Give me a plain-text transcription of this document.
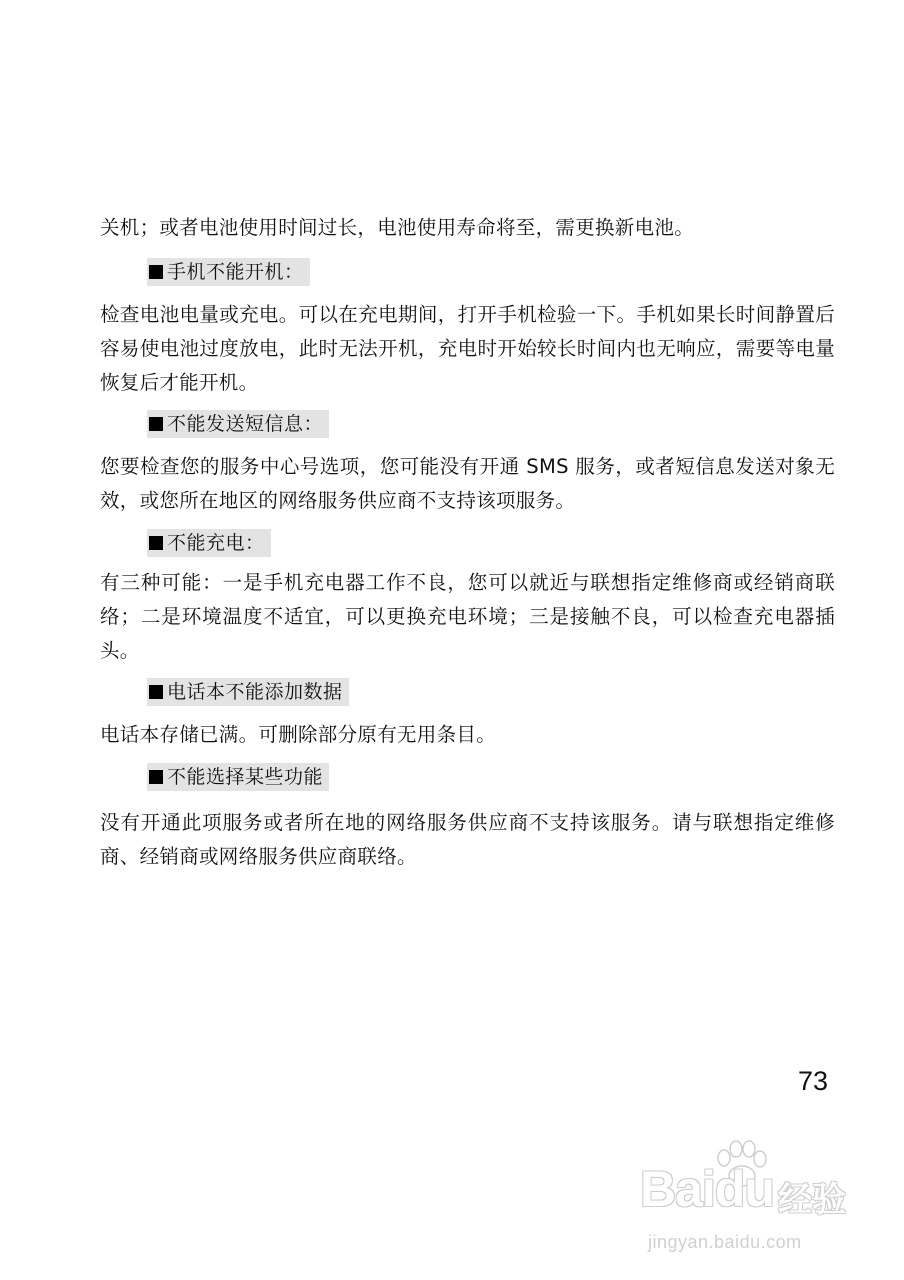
关机；或者电池使用时间过长，电池使用寿命将至，需更换新电池。

手机不能开机：

检查电池电量或充电。可以在充电期间，打开手机检验一下。手机如果长时间静置后容易使电池过度放电，此时无法开机，充电时开始较长时间内也无响应，需要等电量恢复后才能开机。

不能发送短信息：

您要检查您的服务中心号选项，您可能没有开通 SMS 服务，或者短信息发送对象无效，或您所在地区的网络服务供应商不支持该项服务。

不能充电：

有三种可能：一是手机充电器工作不良，您可以就近与联想指定维修商或经销商联络；二是环境温度不适宜，可以更换充电环境；三是接触不良，可以检查充电器插头。

电话本不能添加数据

电话本存储已满。可删除部分原有无用条目。

不能选择某些功能

没有开通此项服务或者所在地的网络服务供应商不支持该服务。请与联想指定维修商、经销商或网络服务供应商联络。

73
Baidu 经验
jingyan.baidu.com
